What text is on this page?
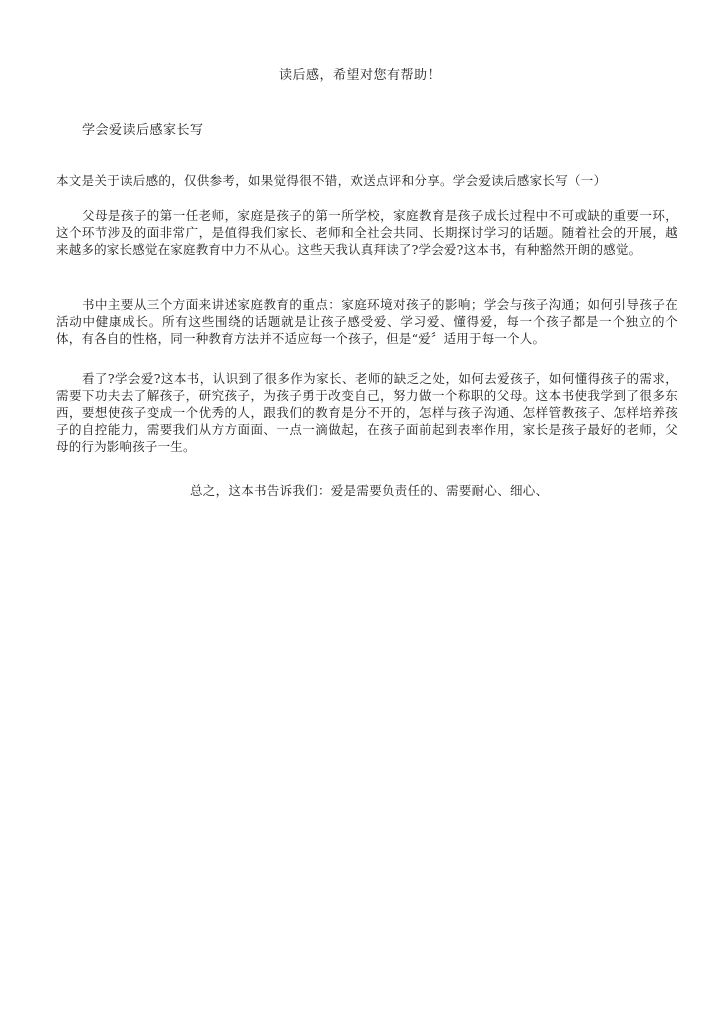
读后感，希望对您有帮助！
学会爱读后感家长写
本文是关于读后感的，仅供参考，如果觉得很不错，欢送点评和分享。学会爱读后感家长写（一）
父母是孩子的第一任老师，家庭是孩子的第一所学校，家庭教育是孩子成长过程中不可或缺的重要一环，这个环节涉及的面非常广，是值得我们家长、老师和全社会共同、长期探讨学习的话题。随着社会的开展，越来越多的家长感觉在家庭教育中力不从心。这些天我认真拜读了?学会爱?这本书，有种豁然开朗的感觉。
书中主要从三个方面来讲述家庭教育的重点：家庭环境对孩子的影响；学会与孩子沟通；如何引导孩子在活动中健康成长。所有这些围绕的话题就是让孩子感受爱、学习爱、懂得爱，每一个孩子都是一个独立的个体，有各自的性格，同一种教育方法并不适应每一个孩子，但是“爱〞适用于每一个人。
看了?学会爱?这本书，认识到了很多作为家长、老师的缺乏之处，如何去爱孩子，如何懂得孩子的需求，需要下功夫去了解孩子，研究孩子，为孩子勇于改变自己，努力做一个称职的父母。这本书使我学到了很多东西，要想使孩子变成一个优秀的人，跟我们的教育是分不开的，怎样与孩子沟通、怎样管教孩子、怎样培养孩子的自控能力，需要我们从方方面面、一点一滴做起，在孩子面前起到表率作用，家长是孩子最好的老师，父母的行为影响孩子一生。
总之，这本书告诉我们：爱是需要负责任的、需要耐心、细心、
